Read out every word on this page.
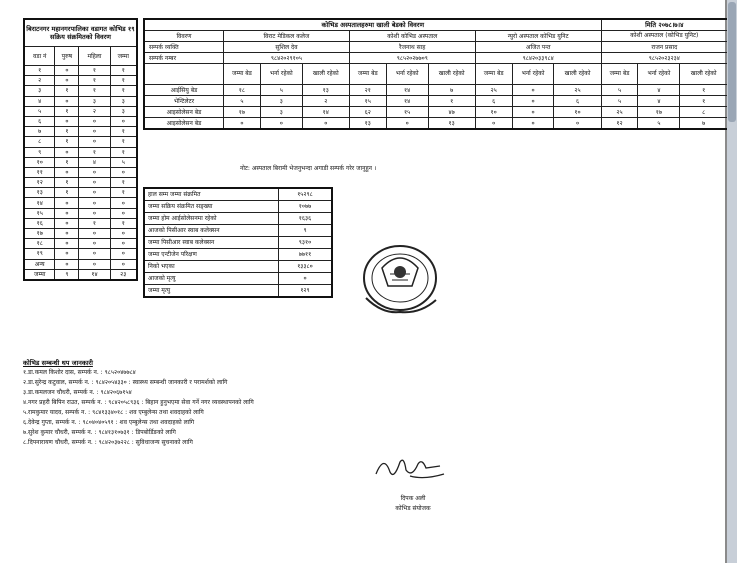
बिराटनगर महानगरपालिका वडागत कोभिड १९ सक्रिय संक्रमितको विवरण			
वडा नं	पुरुष	महिला	जम्मा
१	०	१	१
२	०	१	१
३	१	१	१
४	०	३	३
५	१	२	३
६	०	०	०
७	१	०	१
८	१	०	१
९	०	१	१
१०	१	४	५
११	०	०	०
१२	१	०	१
१३	१	०	१
१४	०	०	०
१५	०	०	०
१६	०	१	१
१७	०	०	०
१८	०	०	०
१९	०	०	०
अन्य	०	०	०
जम्मा	९	१४	२३
कोभिड अस्पतालहरुमा खाली बेडको विवरण										मिति २०७८।७।४		
विवरण	विराट मेडिकल कलेज			कोशी कोभिड अस्पताल			न्युरो अस्पताल कोभिड युनिट			कोशी अस्पताल (कोभिड युनिट)		
सम्पर्क व्यक्ति	सुशिल देव			रैजनाथ साह			अजित पन्त			राजन प्रसाद		
सम्पर्क नम्बर	९८४२०२९१०५			९८५२०२७७०९			९८४२०३३९८४			९८५२०२३२३४		
	जम्मा बेड	भर्ना रहेको	खाली रहेको	जम्मा बेड	भर्ना रहेको	खाली रहेको	जम्मा बेड	भर्ना रहेको	खाली रहेको	जम्मा बेड	भर्ना रहेको	खाली रहेको
आईसियु बेड	१८	५	१३	२१	१४	७	२५	०	२५	५	४	१
भेन्टिलेटर	५	३	२	१५	१४	१	६	०	६	५	४	१
आइसोलेसन बेड	१७	३	१४	६२	१५	४७	१०	०	१०	२५	१७	८
आइसोलेसन बेड	०	०	०	१३	०	१३	०	०	०	१२	५	७
नोट: अस्पताल बिरामी भेजनुभन्दा अगाडी सम्पर्क गरेर जानुहुन ।
हाल सम्म जम्मा संक्रमित	१५२९८
जम्मा सक्रिय संक्रमित सङ्ख्या	१०७७
जम्मा होम आईसोलेसनमा रहेको	१६३६
आजको पिसीआर स्वाब कलेक्सन	९
जम्मा पिसीआर स्वाब कलेक्सन	९३१०
जम्मा एन्टीजेन परिक्षण	७७११
निको भएका	१३३८०
आजको मृत्यु	०
जम्मा मृत्यु	१२९
कोभिड सम्बन्धी थप जानकारी
१.डा.कमल किशोर दास, सम्पर्क न. : ९८५२०४७७८४
२.डा.सुरेन्द्र कटुवाल, सम्पर्क न. : ९८४२०५४३३० : स्वास्थ्य सम्बन्धी जानकारी र परामर्शको लागि
३.डा.कमलजन चौधरी, सम्पर्क न. : ९८४२०६७१५४
४.नगर प्रहरी बिपिन राउत, सम्पर्क न. : ९८४२०५८९३६ : बिहान हुनुभएमा सेवा गर्ने नगर व्यवस्थापनको लागि
५.रामकुमार यादव, सम्पर्क न. : ९८४१३३४०१८ : शव एम्बुलेन्स तथा शवदाहको लागि
६.देवेन्द्र गुप्ता, सम्पर्क न. : ९८०४०४०५९१ : शव एम्बुलेन्स तथा शवदाहको लागि
७.सुरेश कुमार चौधरी, सम्पर्क न. : ९८४१३१०७३१ : डिपबोर्डिङको लागि
८.दिपनारायण चौधरी, सम्पर्क न. : ९८४२०३७२२८ : सुविधाजन्य सुचनाको लागि
दिपक अली
कोभिड संयोजक
